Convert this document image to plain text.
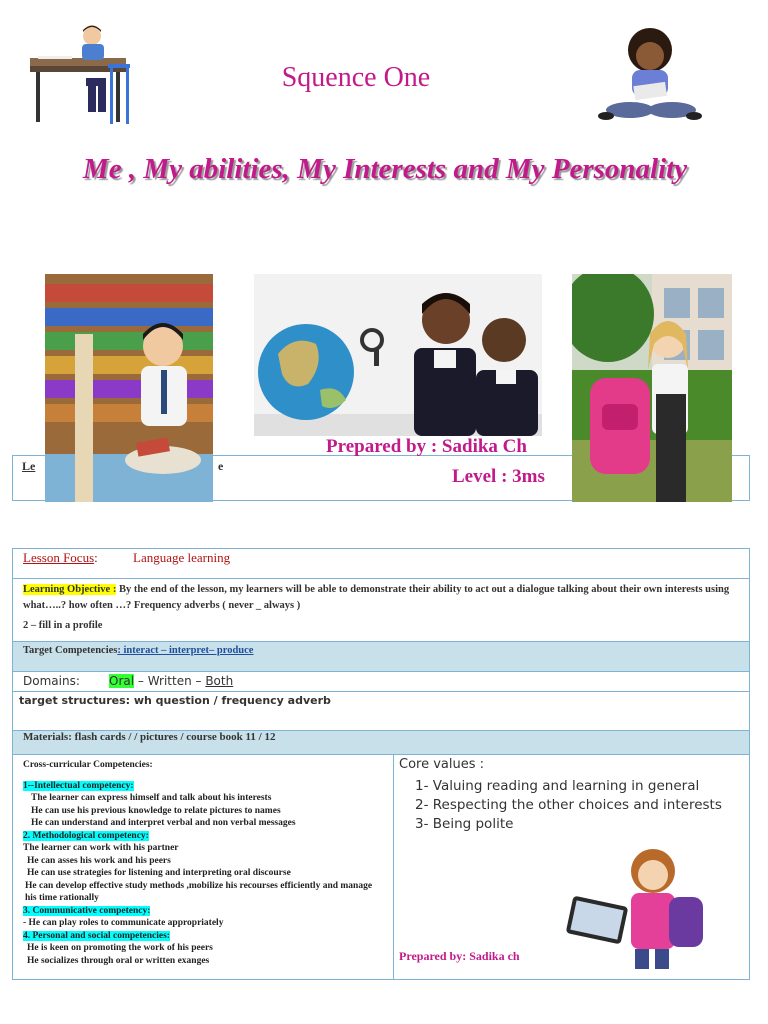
Squence One
Me , My abilities, My Interests and My Personality
Le	e
Prepared by : Sadika Ch
Level : 3ms
Lesson Focus:	Language learning
Learning Objective : By the end of the lesson, my learners will be able to demonstrate their ability to act out a dialogue talking about their own interests using what…..? how often …? Frequency adverbs ( never _ always )
2 – fill in a profile
Target Competencies: interact – interpret– produce
Domains: Oral – Written – Both
target structures: wh question / frequency adverb
Materials: flash cards / / pictures / course book 11 / 12
Cross-curricular Competencies:
1--Intellectual competency:
The learner can express himself and talk about his interests
He can use his previous knowledge to relate pictures to names
He can understand and interpret verbal and non verbal messages
2. Methodological competency:
The learner can work with his partner
He can asses his work and his peers
He can use strategies for listening and interpreting oral discourse
He can develop effective study methods ,mobilize his recourses efficiently and manage his time rationally
3. Communicative competency:
- He can play roles to communicate appropriately
4. Personal and social competencies:
He is keen on promoting the work of his peers
He socializes through oral or written exanges
Core values :
1- Valuing reading and learning in general
2- Respecting the other choices and interests
3- Being polite
Prepared by: Sadika ch
